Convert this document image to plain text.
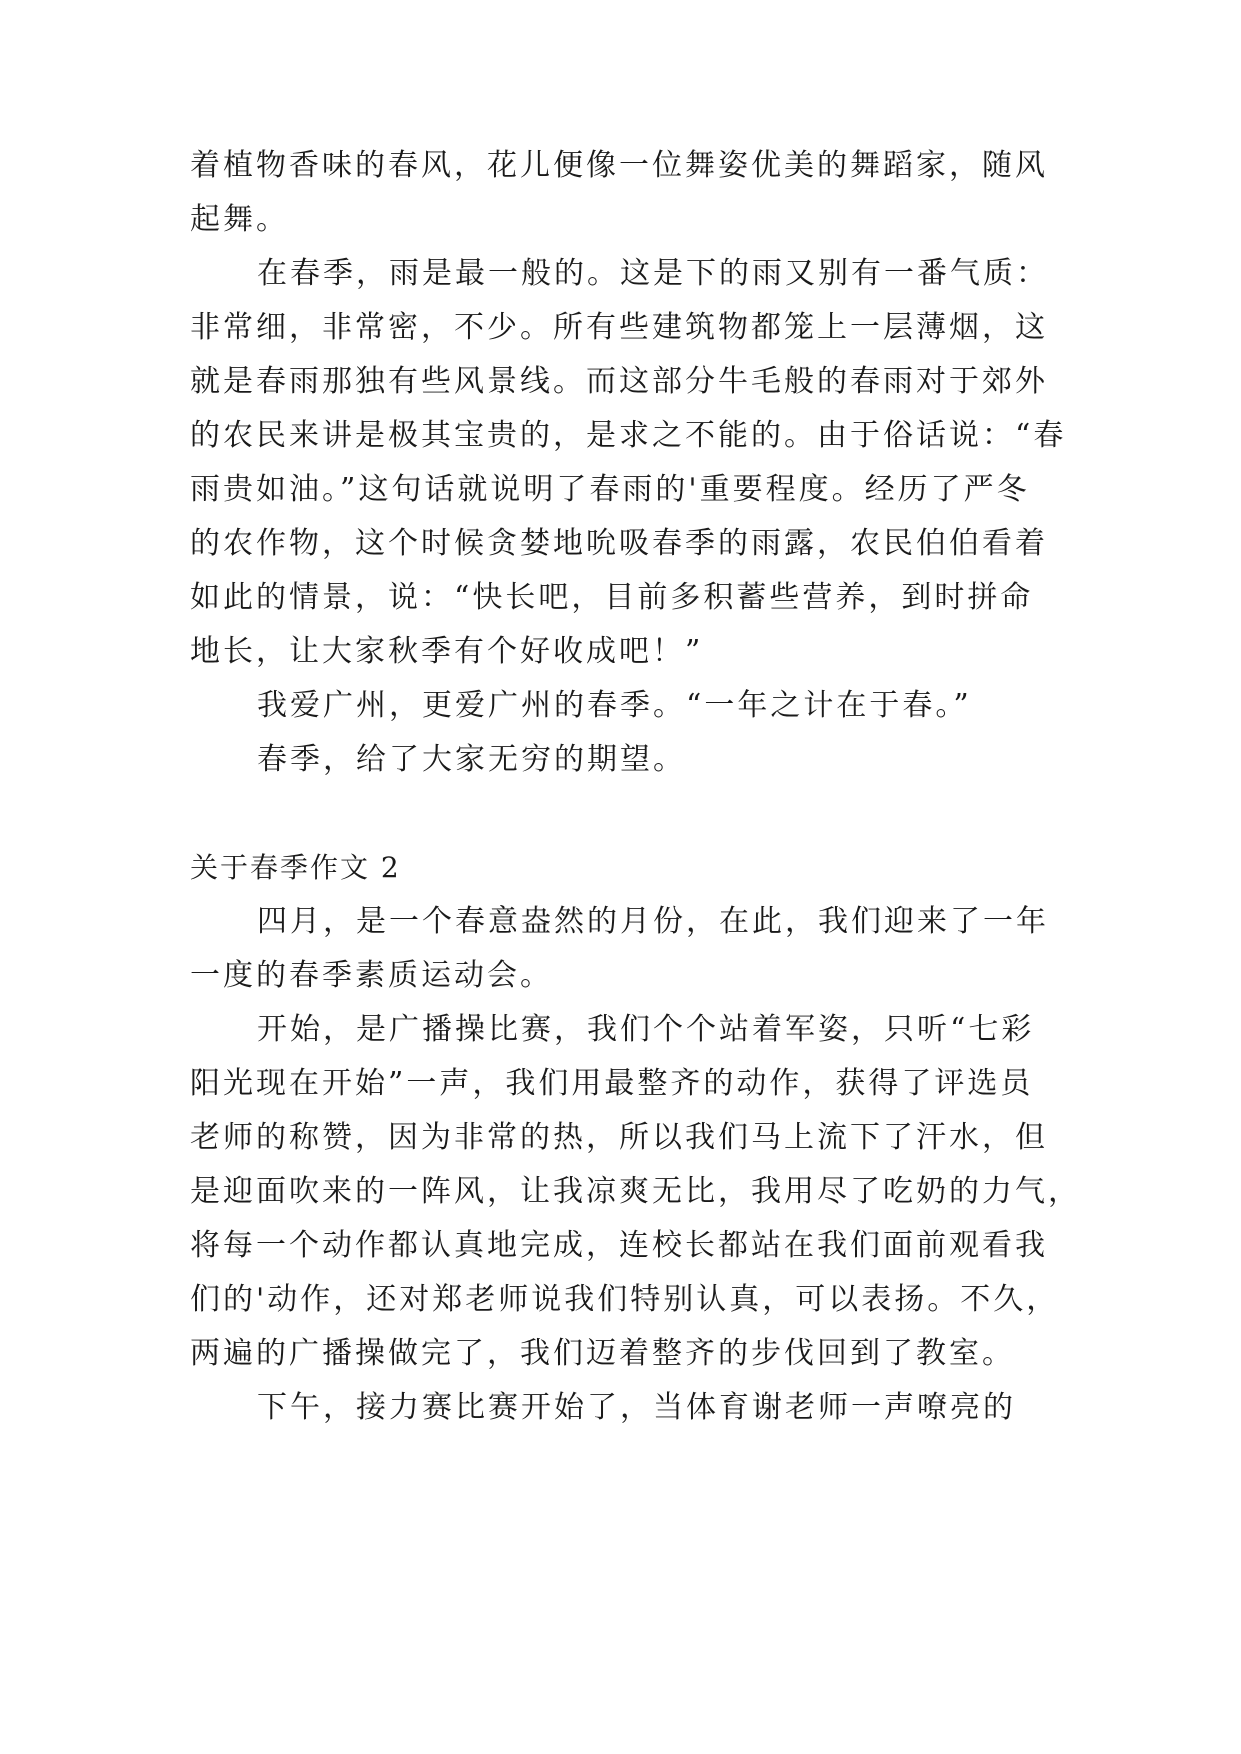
着植物香味的春风，花儿便像一位舞姿优美的舞蹈家，随风
起舞。
在春季，雨是最一般的。这是下的雨又别有一番气质：
非常细，非常密，不少。所有些建筑物都笼上一层薄烟，这
就是春雨那独有些风景线。而这部分牛毛般的春雨对于郊外
的农民来讲是极其宝贵的，是求之不能的。由于俗话说：“春
雨贵如油。”这句话就说明了春雨的'重要程度。经历了严冬
的农作物，这个时候贪婪地吮吸春季的雨露，农民伯伯看着
如此的情景，说：“快长吧，目前多积蓄些营养，到时拼命
地长，让大家秋季有个好收成吧！”
我爱广州，更爱广州的春季。“一年之计在于春。”
春季，给了大家无穷的期望。
关于春季作文 2
四月，是一个春意盎然的月份，在此，我们迎来了一年
一度的春季素质运动会。
开始，是广播操比赛，我们个个站着军姿，只听“七彩
阳光现在开始”一声，我们用最整齐的动作，获得了评选员
老师的称赞，因为非常的热，所以我们马上流下了汗水，但
是迎面吹来的一阵风，让我凉爽无比，我用尽了吃奶的力气，
将每一个动作都认真地完成，连校长都站在我们面前观看我
们的'动作，还对郑老师说我们特别认真，可以表扬。不久，
两遍的广播操做完了，我们迈着整齐的步伐回到了教室。
下午，接力赛比赛开始了，当体育谢老师一声嘹亮的
